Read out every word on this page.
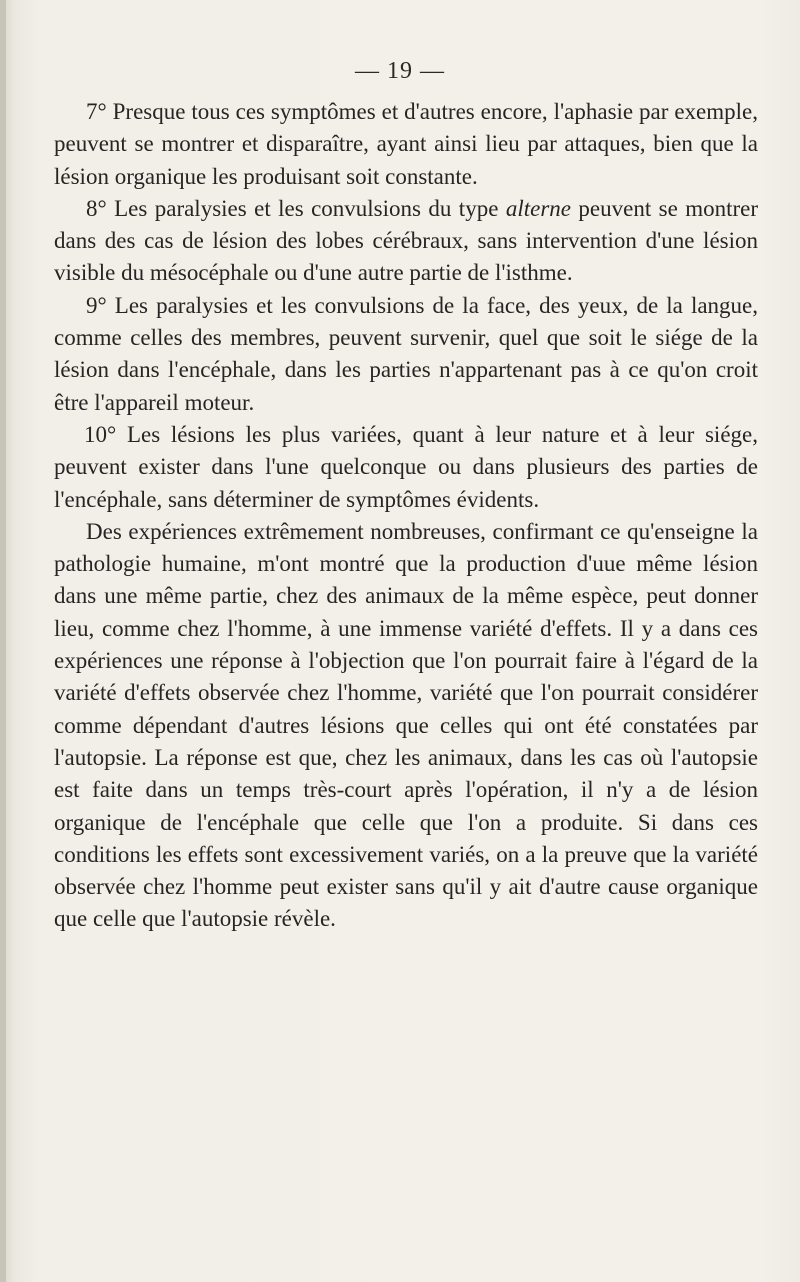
— 19 —

7° Presque tous ces symptômes et d'autres encore, l'aphasie par exemple, peuvent se montrer et disparaître, ayant ainsi lieu par attaques, bien que la lésion organique les produisant soit constante.

8° Les paralysies et les convulsions du type alterne peuvent se montrer dans des cas de lésion des lobes cérébraux, sans intervention d'une lésion visible du mésocéphale ou d'une autre partie de l'isthme.

9° Les paralysies et les convulsions de la face, des yeux, de la langue, comme celles des membres, peuvent survenir, quel que soit le siége de la lésion dans l'encéphale, dans les parties n'appartenant pas à ce qu'on croit être l'appareil moteur.

10° Les lésions les plus variées, quant à leur nature et à leur siége, peuvent exister dans l'une quelconque ou dans plusieurs des parties de l'encéphale, sans déterminer de symptômes évidents.

Des expériences extrêmement nombreuses, confirmant ce qu'enseigne la pathologie humaine, m'ont montré que la production d'uue même lésion dans une même partie, chez des animaux de la même espèce, peut donner lieu, comme chez l'homme, à une immense variété d'effets. Il y a dans ces expériences une réponse à l'objection que l'on pourrait faire à l'égard de la variété d'effets observée chez l'homme, variété que l'on pourrait considérer comme dépendant d'autres lésions que celles qui ont été constatées par l'autopsie. La réponse est que, chez les animaux, dans les cas où l'autopsie est faite dans un temps très-court après l'opération, il n'y a de lésion organique de l'encéphale que celle que l'on a produite. Si dans ces conditions les effets sont excessivement variés, on a la preuve que la variété observée chez l'homme peut exister sans qu'il y ait d'autre cause organique que celle que l'autopsie révèle.
